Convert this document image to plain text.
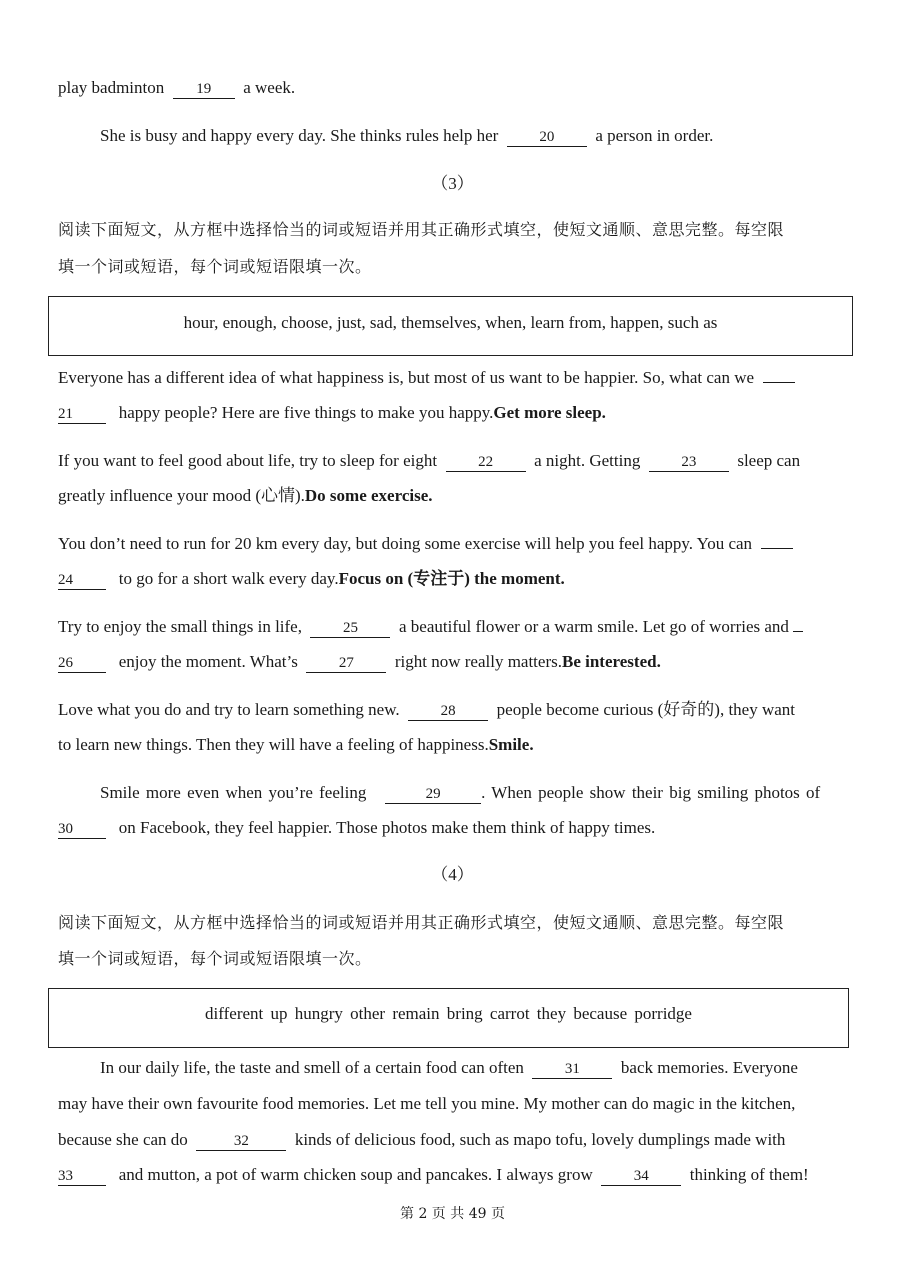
play badminton 19 a week.
She is busy and happy every day. She thinks rules help her	20 a person in order.
（3）
阅读下面短文，从方框中选择恰当的词或短语并用其正确形式填空，使短文通顺、意思完整。每空限
填一个词或短语，每个词或短语限填一次。
hour, enough, choose, just, sad, themselves, when, learn from, happen, such as
Everyone has a different idea of what happiness is, but most of us want to be happier. So, what can we
21	happy people? Here are five things to make you happy.Get more sleep.
If you want to feel good about life, try to sleep for eight	22 a night. Getting	23 sleep can
greatly influence your mood (心情).Do some exercise.
You don’t need to run for 20 km every day, but doing some exercise will help you feel happy. You can
24	to go for a short walk every day.Focus on (专注于) the moment.
Try to enjoy the small things in life,	25 a beautiful flower or a warm smile. Let go of worries and
26	enjoy the moment. What’s	27 right now really matters.Be interested.
Love what you do and try to learn something new.	28 people become curious (好奇的), they want
to learn new things. Then they will have a feeling of happiness.Smile.
Smile more even when you’re feeling	29 . When people show their big smiling photos of
30	on Facebook, they feel happier. Those photos make them think of happy times.
（4）
阅读下面短文，从方框中选择恰当的词或短语并用其正确形式填空，使短文通顺、意思完整。每空限
填一个词或短语，每个词或短语限填一次。
different up hungry other remain bring carrot they because porridge
In our daily life, the taste and smell of a certain food can often	31 back memories. Everyone
may have their own favourite food memories. Let me tell you mine. My mother can do magic in the kitchen,
because she can do	32	kinds of delicious food, such as mapo tofu, lovely dumplings made with
33	and mutton, a pot of warm chicken soup and pancakes. I always grow	34 thinking of them!
第 2 页 共 49 页
